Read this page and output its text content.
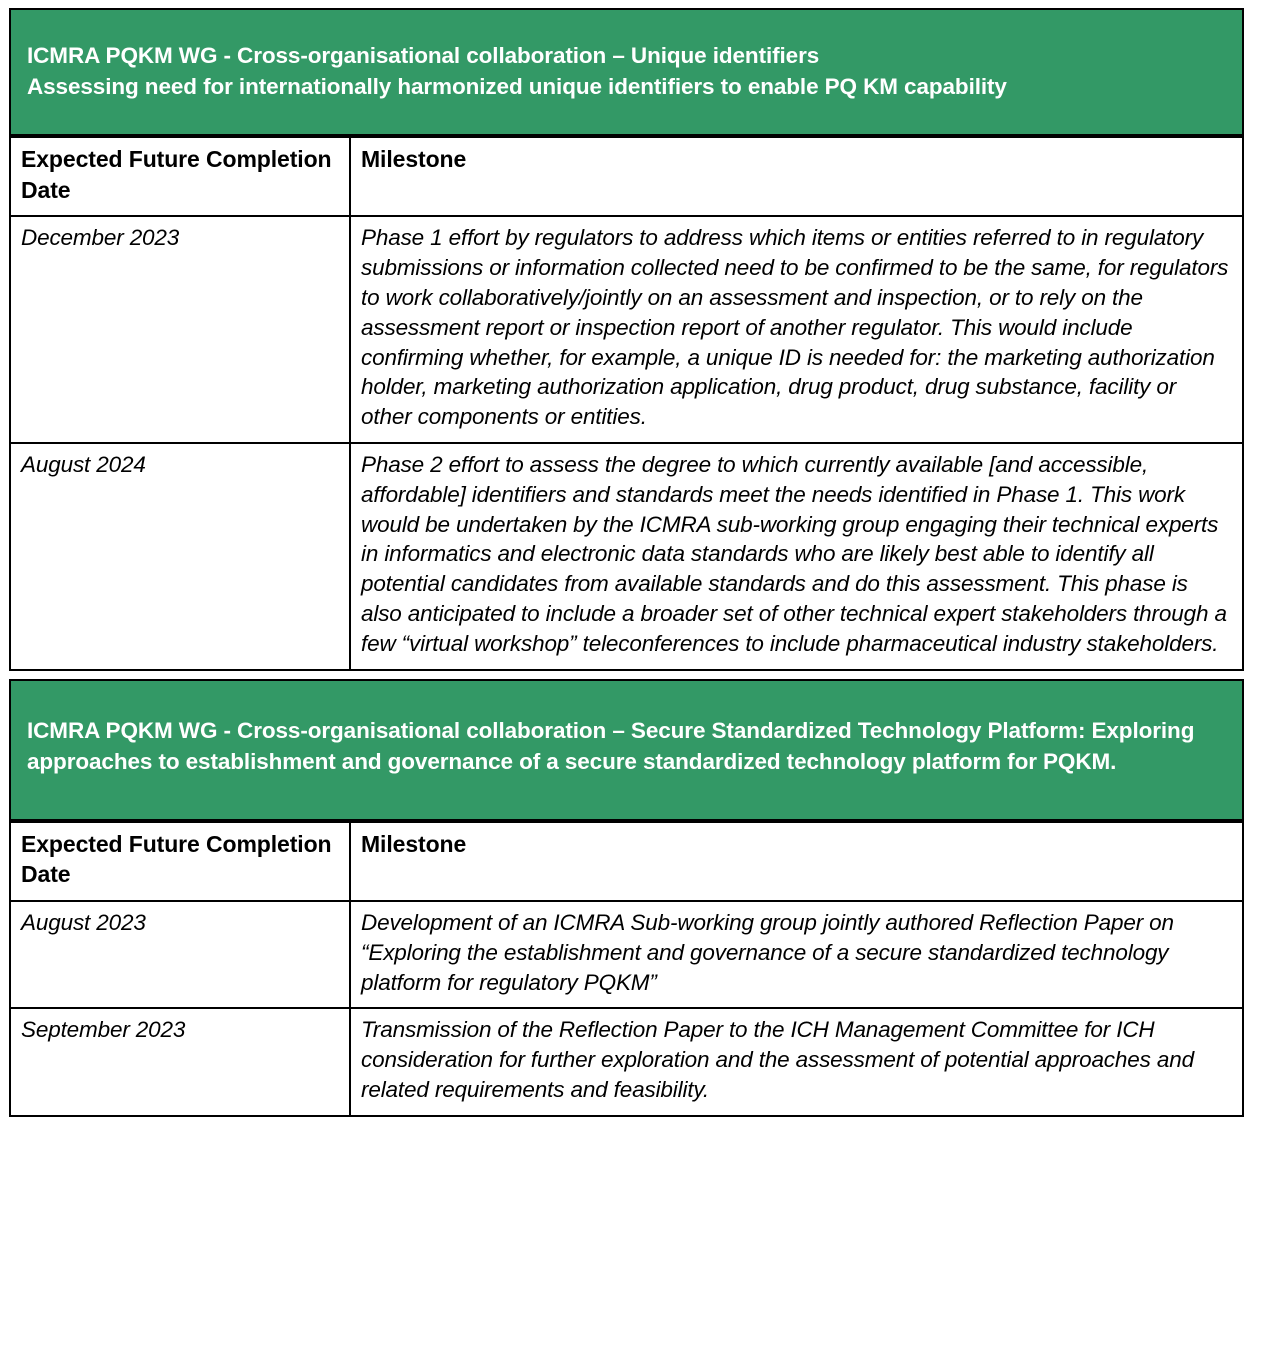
ICMRA PQKM WG - Cross-organisational collaboration – Unique identifiers
Assessing need for internationally harmonized unique identifiers to enable PQ KM capability
Expected Future Completion Date	Milestone

December 2023	Phase 1 effort by regulators to address which items or entities referred to in regulatory submissions or information collected need to be confirmed to be the same, for regulators to work collaboratively/jointly on an assessment and inspection, or to rely on the assessment report or inspection report of another regulator. This would include confirming whether, for example, a unique ID is needed for: the marketing authorization holder, marketing authorization application, drug product, drug substance, facility or other components or entities.

August 2024	Phase 2 effort to assess the degree to which currently available [and accessible, affordable] identifiers and standards meet the needs identified in Phase 1. This work would be undertaken by the ICMRA sub-working group engaging their technical experts in informatics and electronic data standards who are likely best able to identify all potential candidates from available standards and do this assessment. This phase is also anticipated to include a broader set of other technical expert stakeholders through a few “virtual workshop” teleconferences to include pharmaceutical industry stakeholders.
ICMRA PQKM WG - Cross-organisational collaboration – Secure Standardized Technology Platform: Exploring approaches to establishment and governance of a secure standardized technology platform for PQKM.
Expected Future Completion Date	Milestone

August 2023	Development of an ICMRA Sub-working group jointly authored Reflection Paper on “Exploring the establishment and governance of a secure standardized technology platform for regulatory PQKM”

September 2023	Transmission of the Reflection Paper to the ICH Management Committee for ICH consideration for further exploration and the assessment of potential approaches and related requirements and feasibility.
